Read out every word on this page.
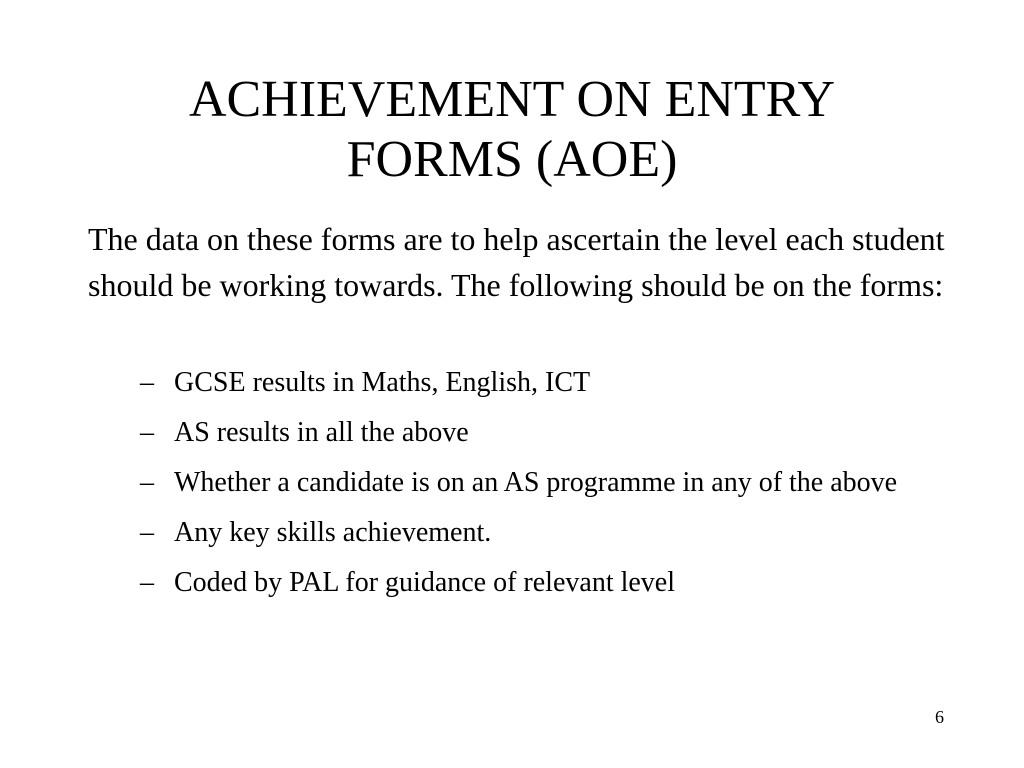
ACHIEVEMENT ON ENTRY
FORMS (AOE)

The data on these forms are to help ascertain the level each student should be working towards. The following should be on the forms:

– GCSE results in Maths, English, ICT
– AS results in all the above
– Whether a candidate is on an AS programme in any of the above
– Any key skills achievement.
– Coded by PAL for guidance of relevant level
6
